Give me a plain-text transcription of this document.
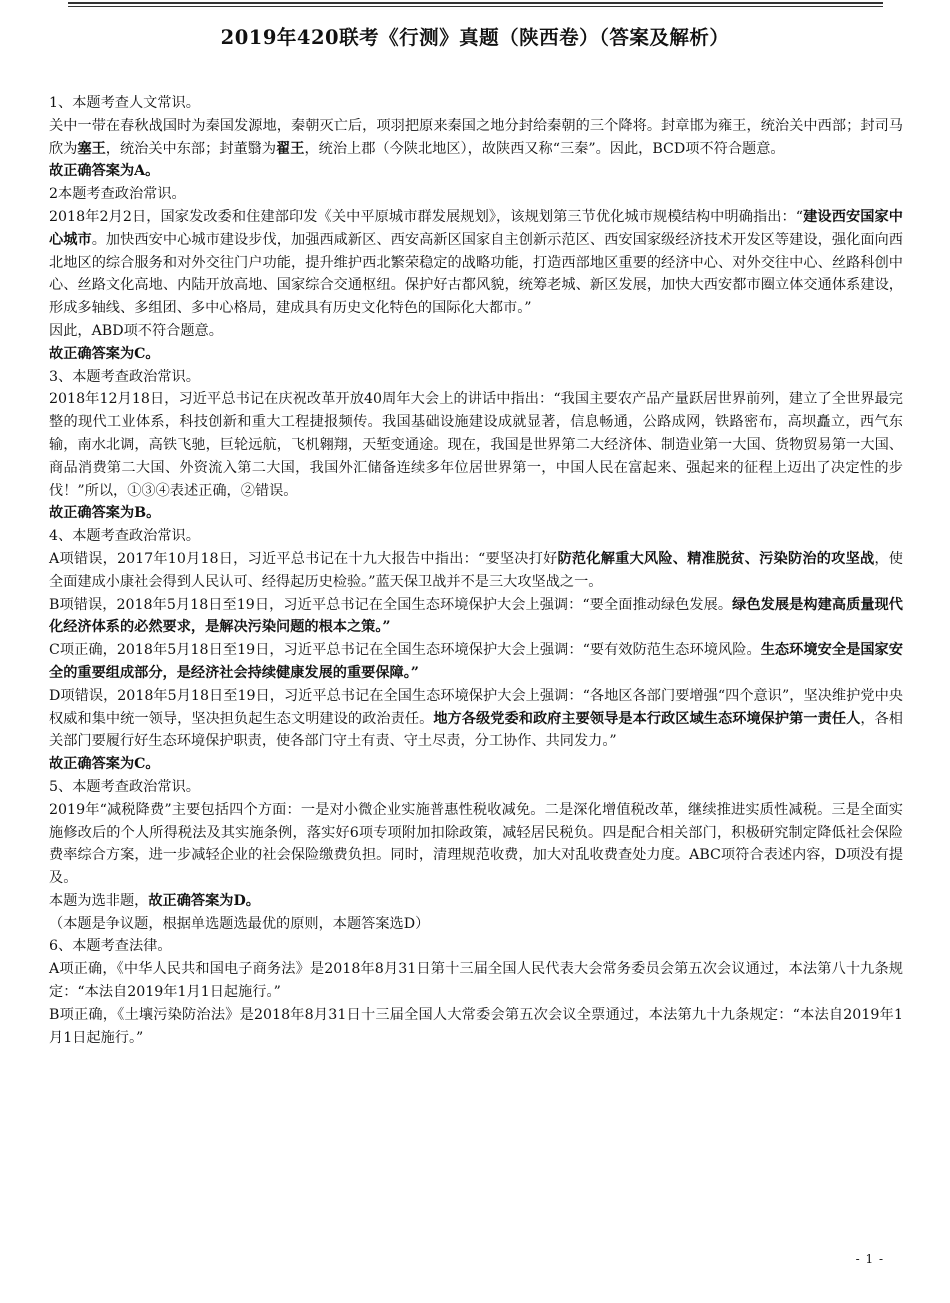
2019年420联考《行测》真题（陕西卷）（答案及解析）

1、本题考查人文常识。

关中一带在春秋战国时为秦国发源地，秦朝灭亡后，项羽把原来秦国之地分封给秦朝的三个降将。封章邯为雍王，统治关中西部；封司马欣为塞王，统治关中东部；封董翳为翟王，统治上郡（今陕北地区），故陕西又称“三秦”。因此，BCD项不符合题意。

故正确答案为A。

2本题考查政治常识。

2018年2月2日，国家发改委和住建部印发《关中平原城市群发展规划》，该规划第三节优化城市规模结构中明确指出：“建设西安国家中心城市。加快西安中心城市建设步伐，加强西咸新区、西安高新区国家自主创新示范区、西安国家级经济技术开发区等建设，强化面向西北地区的综合服务和对外交往门户功能，提升维护西北繁荣稳定的战略功能，打造西部地区重要的经济中心、对外交往中心、丝路科创中心、丝路文化高地、内陆开放高地、国家综合交通枢纽。保护好古都风貌，统筹老城、新区发展，加快大西安都市圈立体交通体系建设，形成多轴线、多组团、多中心格局，建成具有历史文化特色的国际化大都市。”

因此，ABD项不符合题意。

故正确答案为C。

3、本题考查政治常识。

2018年12月18日，习近平总书记在庆祝改革开放40周年大会上的讲话中指出：“我国主要农产品产量跃居世界前列，建立了全世界最完整的现代工业体系，科技创新和重大工程捷报频传。我国基础设施建设成就显著，信息畅通，公路成网，铁路密布，高坝矗立，西气东输，南水北调，高铁飞驰，巨轮远航，飞机翱翔，天堑变通途。现在，我国是世界第二大经济体、制造业第一大国、货物贸易第一大国、商品消费第二大国、外资流入第二大国，我国外汇储备连续多年位居世界第一，中国人民在富起来、强起来的征程上迈出了决定性的步伐！”所以，①③④表述正确，②错误。

故正确答案为B。

4、本题考查政治常识。

A项错误，2017年10月18日，习近平总书记在十九大报告中指出：“要坚决打好防范化解重大风险、精准脱贫、污染防治的攻坚战，使全面建成小康社会得到人民认可、经得起历史检验。”蓝天保卫战并不是三大攻坚战之一。

B项错误，2018年5月18日至19日，习近平总书记在全国生态环境保护大会上强调：“要全面推动绿色发展。绿色发展是构建高质量现代化经济体系的必然要求，是解决污染问题的根本之策。”

C项正确，2018年5月18日至19日，习近平总书记在全国生态环境保护大会上强调：“要有效防范生态环境风险。生态环境安全是国家安全的重要组成部分，是经济社会持续健康发展的重要保障。”

D项错误，2018年5月18日至19日，习近平总书记在全国生态环境保护大会上强调：“各地区各部门要增强“四个意识”，坚决维护党中央权威和集中统一领导，坚决担负起生态文明建设的政治责任。地方各级党委和政府主要领导是本行政区域生态环境保护第一责任人，各相关部门要履行好生态环境保护职责，使各部门守土有责、守土尽责，分工协作、共同发力。”

故正确答案为C。

5、本题考查政治常识。

2019年“减税降费”主要包括四个方面：一是对小微企业实施普惠性税收减免。二是深化增值税改革，继续推进实质性减税。三是全面实施修改后的个人所得税法及其实施条例，落实好6项专项附加扣除政策，减轻居民税负。四是配合相关部门，积极研究制定降低社会保险费率综合方案，进一步减轻企业的社会保险缴费负担。同时，清理规范收费，加大对乱收费查处力度。ABC项符合表述内容，D项没有提及。

本题为选非题，故正确答案为D。

（本题是争议题，根据单选题选最优的原则，本题答案选D）

6、本题考查法律。

A项正确，《中华人民共和国电子商务法》是2018年8月31日第十三届全国人民代表大会常务委员会第五次会议通过，本法第八十九条规定：“本法自2019年1月1日起施行。”

B项正确，《土壤污染防治法》是2018年8月31日十三届全国人大常委会第五次会议全票通过，本法第九十九条规定：“本法自2019年1月1日起施行。”

- 1 -
